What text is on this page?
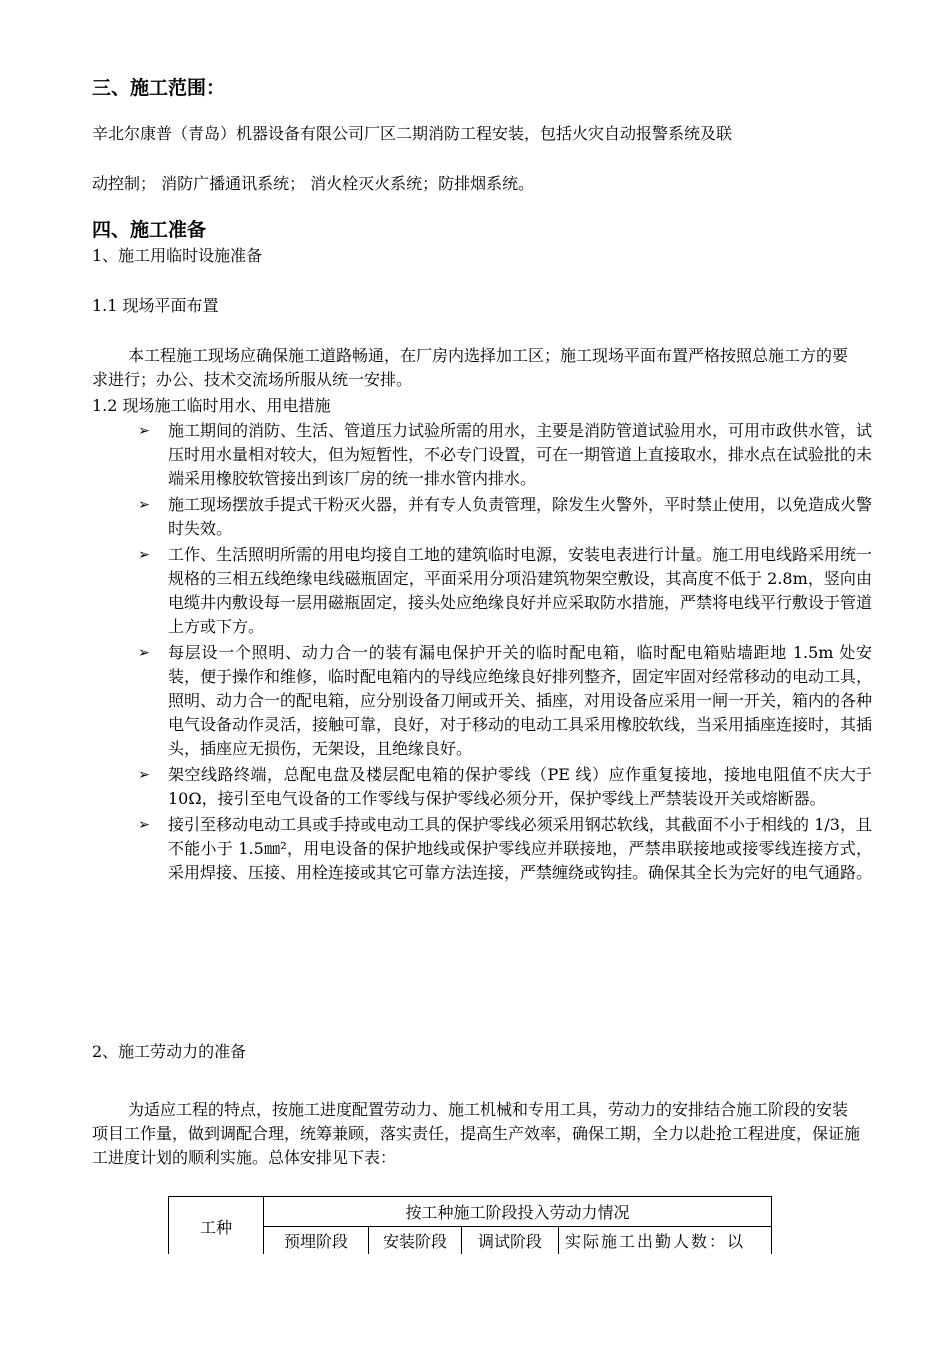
三、施工范围：
辛北尔康普（青岛）机器设备有限公司厂区二期消防工程安装，包括火灾自动报警系统及联
动控制； 消防广播通讯系统； 消火栓灭火系统；防排烟系统。
四、施工准备
1、施工用临时设施准备
1.1 现场平面布置
本工程施工现场应确保施工道路畅通，在厂房内选择加工区；施工现场平面布置严格按照总施工方的要求进行；办公、技术交流场所服从统一安排。
1.2 现场施工临时用水、用电措施
➢ 施工期间的消防、生活、管道压力试验所需的用水，主要是消防管道试验用水，可用市政供水管，试压时用水量相对较大，但为短暂性，不必专门设置，可在一期管道上直接取水，排水点在试验批的未端采用橡胶软管接出到该厂房的统一排水管内排水。
➢ 施工现场摆放手提式干粉灭火器，并有专人负责管理，除发生火警外，平时禁止使用，以免造成火警时失效。
➢ 工作、生活照明所需的用电均接自工地的建筑临时电源，安装电表进行计量。施工用电线路采用统一规格的三相五线绝缘电线磁瓶固定，平面采用分项沿建筑物架空敷设，其高度不低于 2.8m，竖向由电缆井内敷设每一层用磁瓶固定，接头处应绝缘良好并应采取防水措施，严禁将电线平行敷设于管道上方或下方。
➢ 每层设一个照明、动力合一的装有漏电保护开关的临时配电箱，临时配电箱贴墙距地 1.5m 处安装，便于操作和维修，临时配电箱内的导线应绝缘良好排列整齐，固定牢固对经常移动的电动工具，照明、动力合一的配电箱，应分别设备刀闸或开关、插座，对用设备应采用一闸一开关，箱内的各种电气设备动作灵活，接触可靠，良好，对于移动的电动工具采用橡胶软线，当采用插座连接时，其插头，插座应无损伤，无架设，且绝缘良好。
➢ 架空线路终端，总配电盘及楼层配电箱的保护零线（PE 线）应作重复接地，接地电阻值不庆大于 10Ω，接引至电气设备的工作零线与保护零线必须分开，保护零线上严禁装设开关或熔断器。
➢ 接引至移动电动工具或手持或电动工具的保护零线必须采用钢芯软线，其截面不小于相线的 1/3，且不能小于 1.5㎜²，用电设备的保护地线或保护零线应并联接地，严禁串联接地或接零线连接方式，采用焊接、压接、用栓连接或其它可靠方法连接，严禁缠绕或钩挂。确保其全长为完好的电气通路。
2、施工劳动力的准备
为适应工程的特点，按施工进度配置劳动力、施工机械和专用工具，劳动力的安排结合施工阶段的安装项目工作量，做到调配合理，统筹兼顾，落实责任，提高生产效率，确保工期，全力以赴抢工程进度，保证施工进度计划的顺利实施。总体安排见下表：
工种	按工种施工阶段投入劳动力情况			
	预埋阶段	安装阶段	调试阶段	实际施工出勤人数：以
